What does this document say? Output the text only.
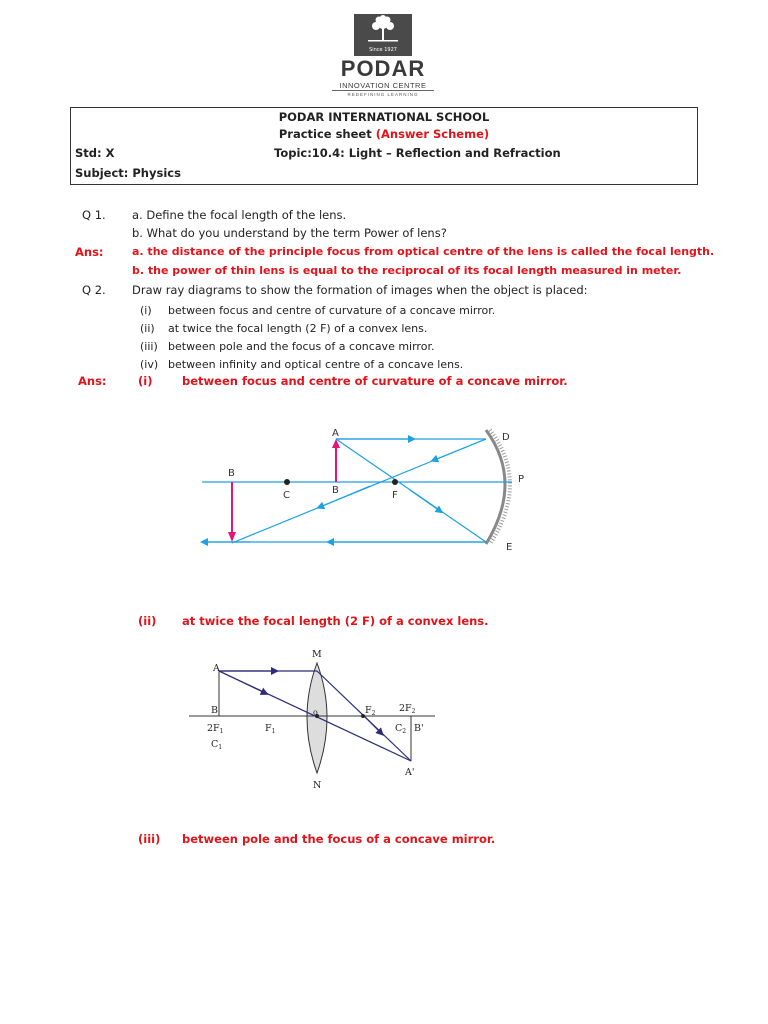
Since 1927
PODAR
INNOVATION CENTRE
REDEFINING LEARNING
PODAR INTERNATIONAL SCHOOL
Practice sheet (Answer Scheme)
Std: X	Topic:10.4: Light – Reflection and Refraction
Subject: Physics
Q 1. a. Define the focal length of the lens.
b. What do you understand by the term Power of lens?
Ans:	a. the distance of the principle focus from optical centre of the lens is called the focal length.
b. the power of thin lens is equal to the reciprocal of its focal length measured in meter.
Q 2. Draw ray diagrams to show the formation of images when the object is placed:
(i) between focus and centre of curvature of a concave mirror.
(ii) at twice the focal length (2 F) of a convex lens.
(iii) between pole and the focus of a concave mirror.
(iv) between infinity and optical centre of a concave lens.
Ans:	(i)	between focus and centre of curvature of a concave mirror.
A
B
B
C	F
D
P
E
(ii) at twice the focal length (2 F) of a convex lens.
M
N
A
B
$2F_1$
$C_1$
$F_1$
o	$F_2$ $2F_2$
$C_2$ B'
A'
(iii) between pole and the focus of a concave mirror.
